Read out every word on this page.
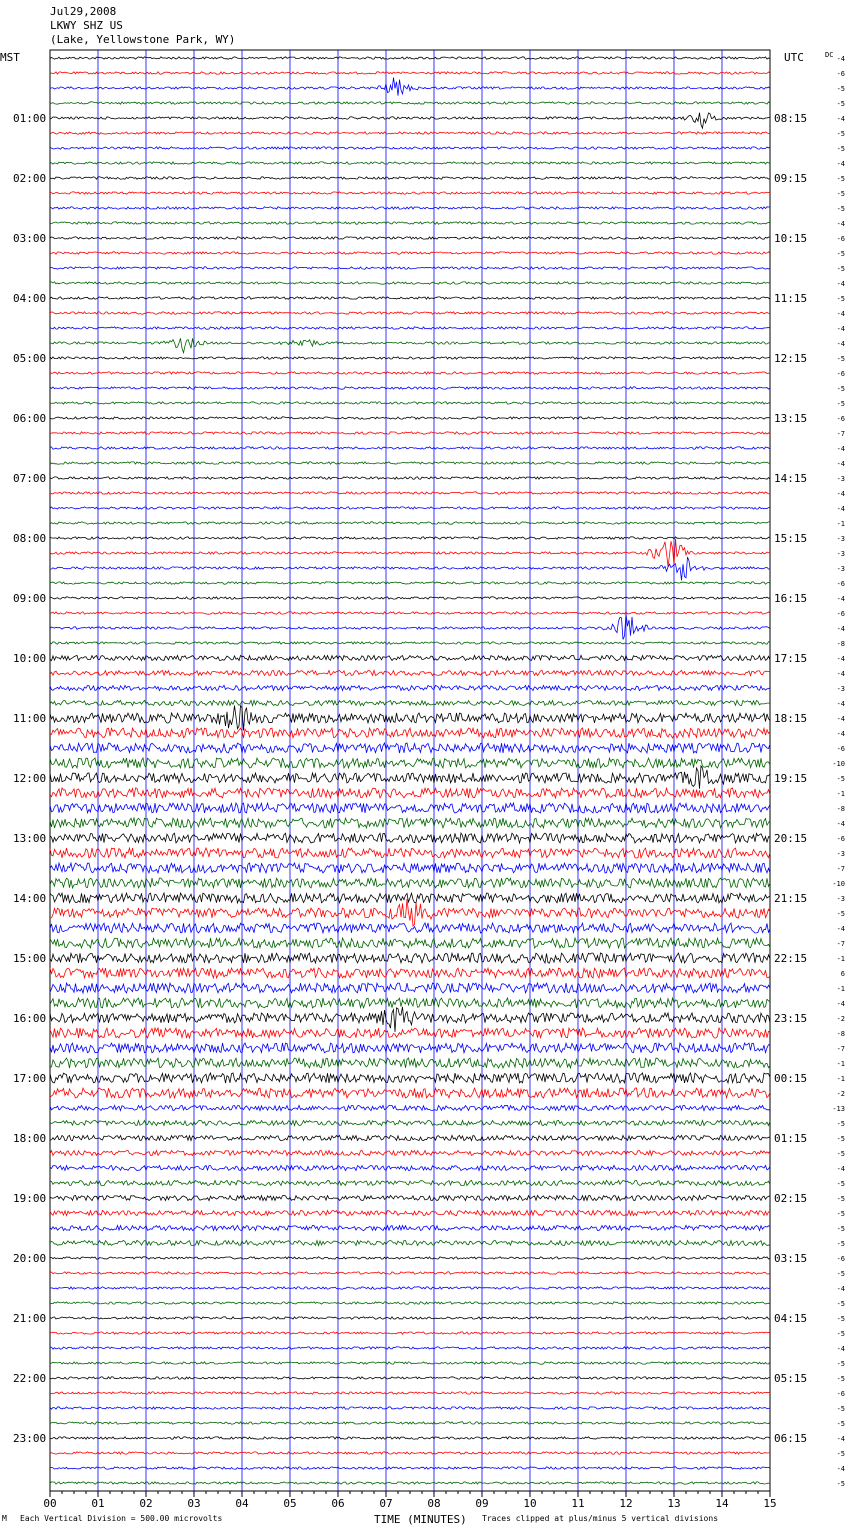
Jul29,2008
LKWY SHZ US
(Lake, Yellowstone Park, WY)
01:00	08:15
02:00	09:15
03:00	10:15
04:00	11:15
05:00	12:15
06:00	13:15
07:00	14:15
08:00	15:15
09:00	16:15
10:00	17:15
11:00	18:15
12:00	19:15
13:00	20:15
14:00	21:15
15:00	22:15
16:00	23:15
17:00	00:15
18:00	01:15
19:00	02:15
20:00	03:15
21:00	04:15
22:00	05:15
23:00	06:15
-4
-6
-5
-5
-4
-5
-5
-4
-5
-5
-5
-4
-6
-5
-5
-4
-5
-4
-4
-4
-5
-6
-5
-5
-6
-7
-4
-4
-3
-4
-4
-1
-3
-3
-3
-6
-4
-6
-4
-8
-4
-4
-3
-4
-4
-4
-6
-10
-5
-1
-8
-4
-6
-3
-7
-10
-3
-5
-4
-7
-1
6
-1
-4
-2
-8
-7
-1
-1
-2
-13
-5
-5
-5
-4
-5
-5
-5
-5
-5
-6
-5
-4
-5
-5
-5
-4
-5
-5
-6
-5
-5
-4
-5
-4
-5
00	01	02	03	04	05	06	07	08	09	10	11	12	13	14	15
MST	UTC	DC
TIME (MINUTES)
M Each Vertical Division = 500.00 microvolts	Traces clipped at plus/minus 5 vertical divisions
